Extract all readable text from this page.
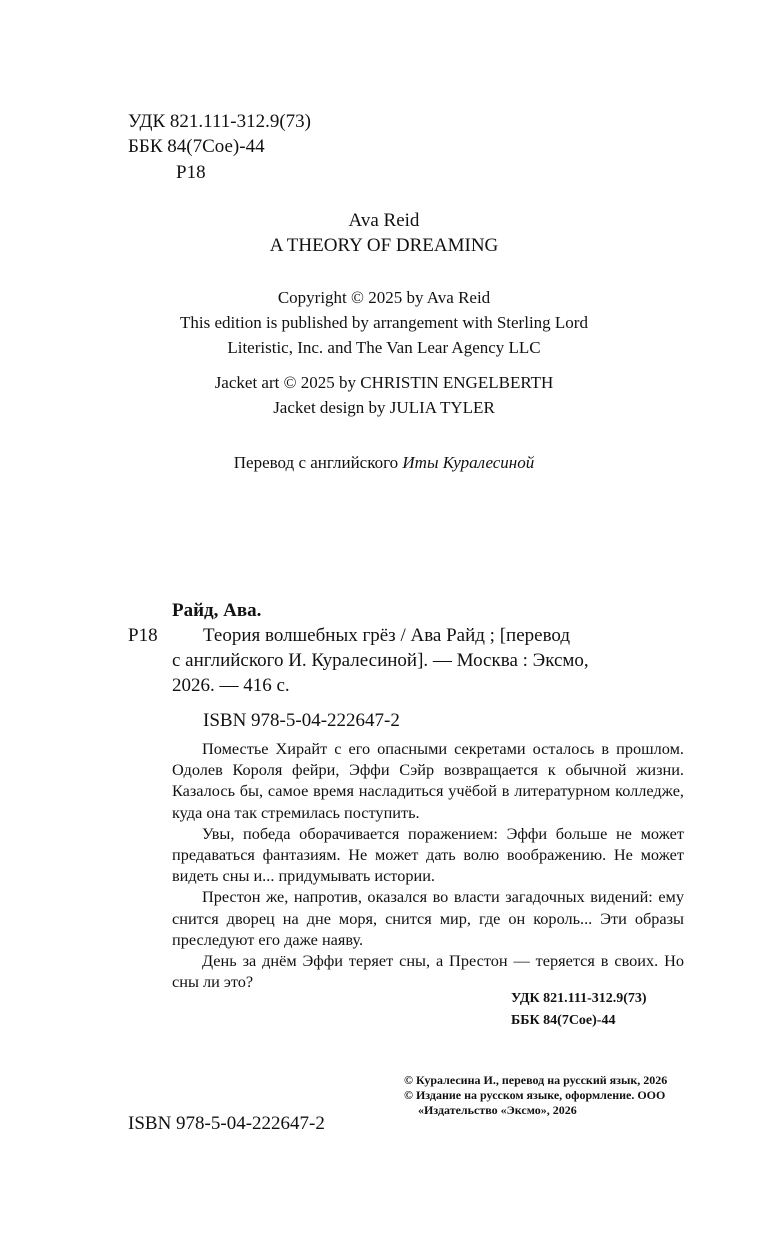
УДК 821.111-312.9(73)
ББК 84(7Сое)-44
Р18
Ava Reid
A THEORY OF DREAMING
Copyright © 2025 by Ava Reid
This edition is published by arrangement with Sterling Lord
Literistic, Inc. and The Van Lear Agency LLC
Jacket art © 2025 by CHRISTIN ENGELBERTH
Jacket design by JULIA TYLER
Перевод с английского Иты Куралесиной
Райд, Ава.
Р18 Теория волшебных грёз / Ава Райд ; [перевод
с английского И. Куралесиной]. — Москва : Эксмо,
2026. — 416 с.
ISBN 978-5-04-222647-2

Поместье Хирайт с его опасными секретами осталось в прошлом. Одолев Короля фейри, Эффи Сэйр возвращается к обычной жизни. Казалось бы, самое время насладиться учёбой в литературном колледже, куда она так стремилась поступить.

Увы, победа оборачивается поражением: Эффи больше не может предаваться фантазиям. Не может дать волю воображению. Не может видеть сны и... придумывать истории.

Престон же, напротив, оказался во власти загадочных видений: ему снится дворец на дне моря, снится мир, где он король... Эти образы преследуют его даже наяву.

День за днём Эффи теряет сны, а Престон — теряется в своих. Но сны ли это?

УДК 821.111-312.9(73)
ББК 84(7Сое)-44

© Куралесина И., перевод на русский язык, 2026

© Издание на русском языке, оформление. ООО «Издательство «Эксмо», 2026

ISBN 978-5-04-222647-2
